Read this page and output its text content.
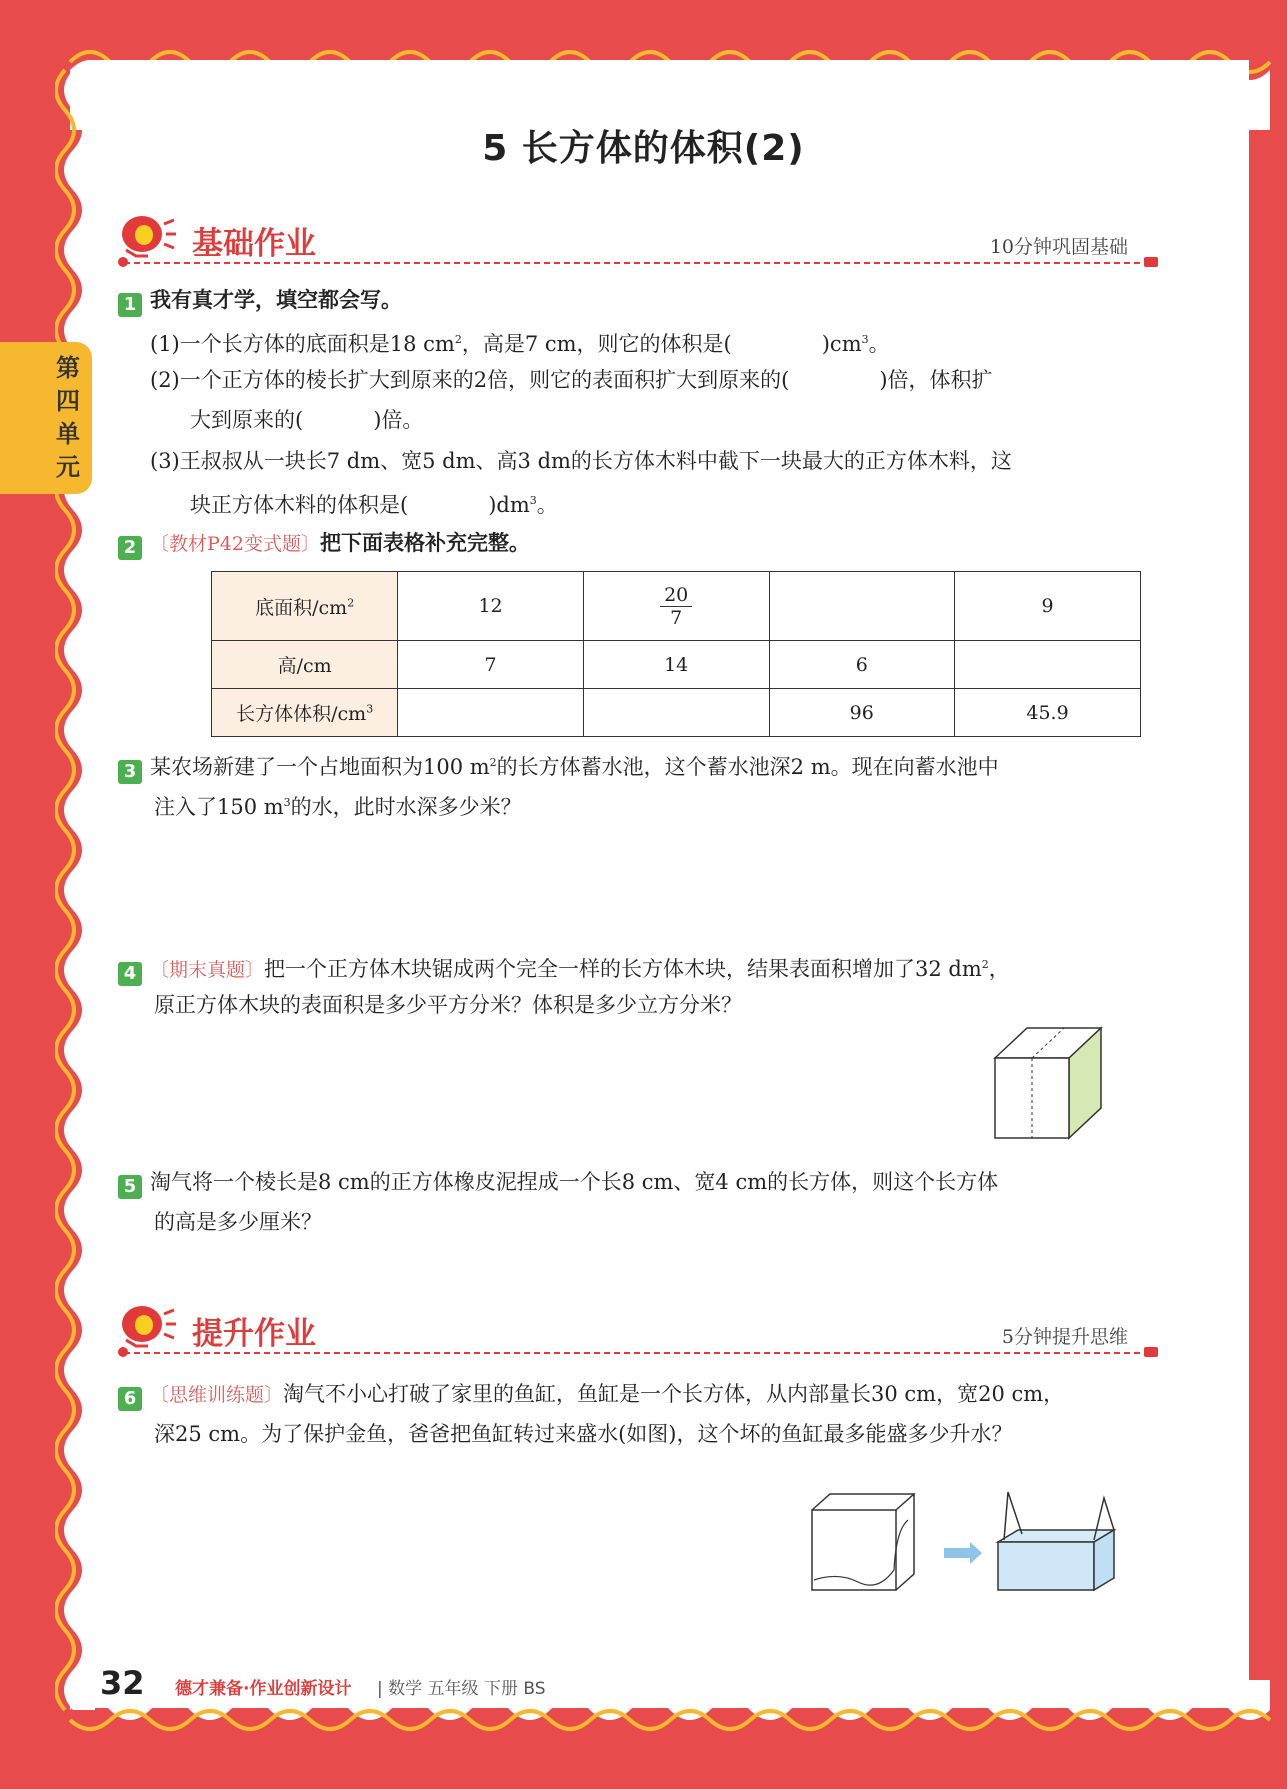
第四单元
5 长方体的体积(2)
基础作业	10分钟巩固基础
1 我有真才学，填空都会写。
(1)一个长方体的底面积是18 $cm^2$，高是7 cm，则它的体积是(	)$cm^3$。
(2)一个正方体的棱长扩大到原来的2倍，则它的表面积扩大到原来的(	)倍，体积扩
大到原来的(	)倍。
(3)王叔叔从一块长7 dm、宽5 dm、高3 dm的长方体木料中截下一块最大的正方体木料，这
块正方体木料的体积是(	)$dm^3$。
2 〔教材P42变式题〕把下面表格补充完整。
底面积$/cm^2$	12	$\frac{20}{7}$		9
高/cm	7	14	6	
长方体体积$/cm^3$			96	45.9
3 某农场新建了一个占地面积为100 $m^2$的长方体蓄水池，这个蓄水池深2 m。现在向蓄水池中
注入了150 $m^3$的水，此时水深多少米？
4 〔期末真题〕把一个正方体木块锯成两个完全一样的长方体木块，结果表面积增加了32 $dm^2$，
原正方体木块的表面积是多少平方分米？体积是多少立方分米？
5 淘气将一个棱长是8 cm的正方体橡皮泥捏成一个长8 cm、宽4 cm的长方体，则这个长方体
的高是多少厘米？
提升作业	5分钟提升思维
6 〔思维训练题〕淘气不小心打破了家里的鱼缸，鱼缸是一个长方体，从内部量长30 cm，宽20 cm，
深25 cm。为了保护金鱼，爸爸把鱼缸转过来盛水(如图)，这个坏的鱼缸最多能盛多少升水？
32 德才兼备·作业创新设计 | 数学 五年级 下册 BS
